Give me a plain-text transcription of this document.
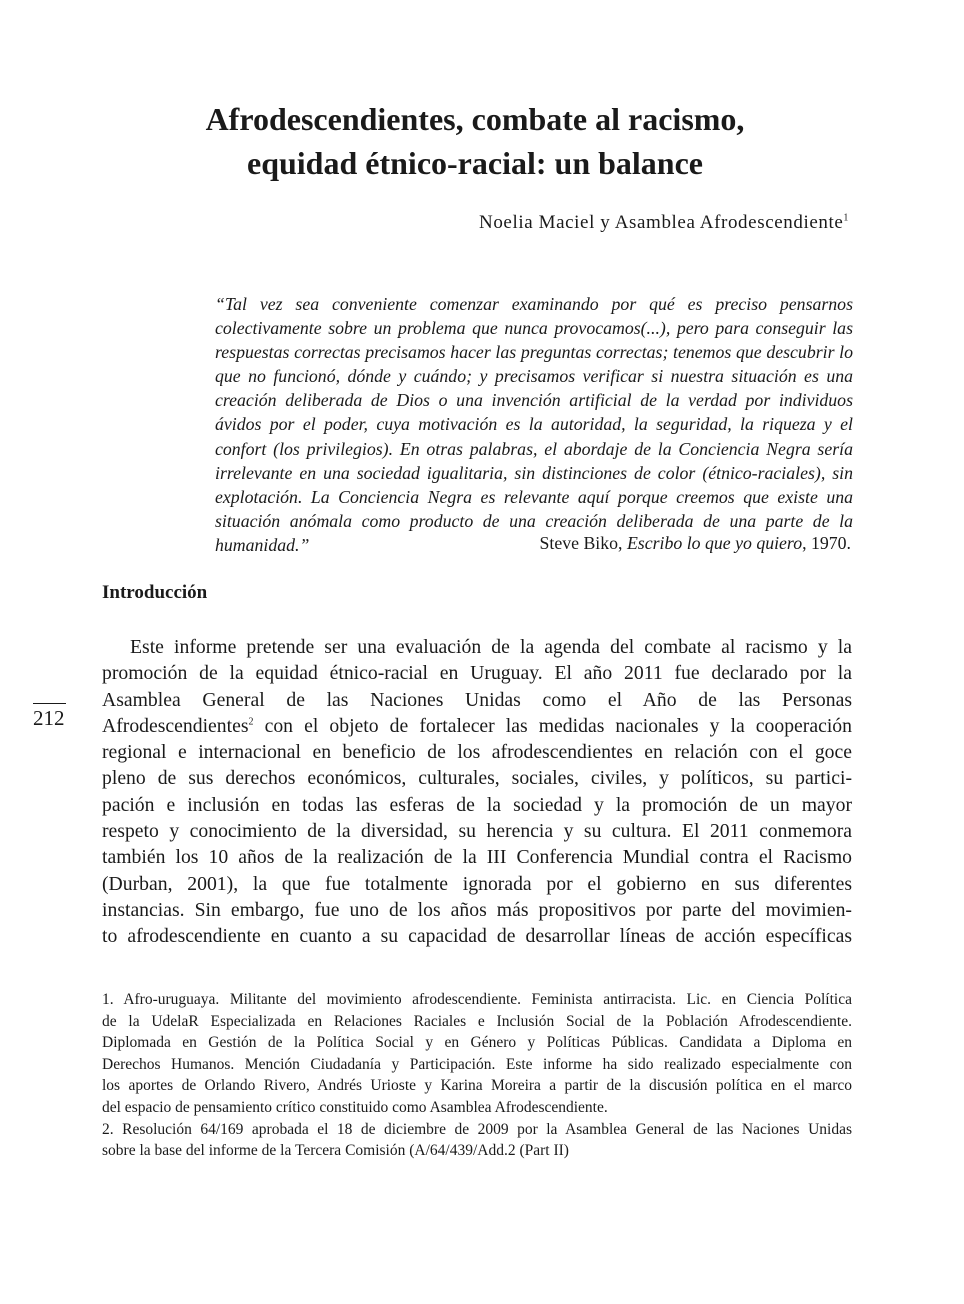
Afrodescendientes, combate al racismo,
equidad étnico-racial: un balance
Noelia Maciel y Asamblea Afrodescendiente$^1$
“Tal vez sea conveniente comenzar examinando por qué es preciso pensarnos colectivamente sobre un problema que nunca provocamos(...), pero para conseguir las respuestas correctas precisamos hacer las preguntas correctas; tenemos que descubrir lo que no funcionó, dónde y cuándo; y precisamos verificar si nuestra situación es una creación deliberada de Dios o una invención artificial de la verdad por individuos ávidos por el poder, cuya motivación es la autoridad, la seguridad, la riqueza y el confort (los privilegios). En otras palabras, el abordaje de la Conciencia Negra sería irrelevante en una sociedad igualitaria, sin distinciones de color (étnico-raciales), sin explotación. La Conciencia Negra es relevante aquí porque creemos que existe una situación anómala como producto de una creación deliberada de una parte de la humanidad.”	Steve Biko, Escribo lo que yo quiero, 1970.
Introducción
212
Este informe pretende ser una evaluación de la agenda del combate al racismo y la
promoción de la equidad étnico-racial en Uruguay. El año 2011 fue declarado por la
Asamblea General de las Naciones Unidas como el Año de las Personas
Afrodescendientes$^2$ con el objeto de fortalecer las medidas nacionales y la cooperación
regional e internacional en beneficio de los afrodescendientes en relación con el goce
pleno de sus derechos económicos, culturales, sociales, civiles, y políticos, su partici-
pación e inclusión en todas las esferas de la sociedad y la promoción de un mayor
respeto y conocimiento de la diversidad, su herencia y su cultura. El 2011 conmemora
también los 10 años de la realización de la III Conferencia Mundial contra el Racismo
(Durban, 2001), la que fue totalmente ignorada por el gobierno en sus diferentes
instancias. Sin embargo, fue uno de los años más propositivos por parte del movimien-
to afrodescendiente en cuanto a su capacidad de desarrollar líneas de acción específicas
1. Afro-uruguaya. Militante del movimiento afrodescendiente. Feminista antirracista. Lic. en Ciencia Política
de la UdelaR Especializada en Relaciones Raciales e Inclusión Social de la Población Afrodescendiente.
Diplomada en Gestión de la Política Social y en Género y Políticas Públicas. Candidata a Diploma en
Derechos Humanos. Mención Ciudadanía y Participación. Este informe ha sido realizado especialmente con
los aportes de Orlando Rivero, Andrés Urioste y Karina Moreira a partir de la discusión política en el marco
del espacio de pensamiento crítico constituido como Asamblea Afrodescendiente.
2. Resolución 64/169 aprobada el 18 de diciembre de 2009 por la Asamblea General de las Naciones Unidas
sobre la base del informe de la Tercera Comisión (A/64/439/Add.2 (Part II)
